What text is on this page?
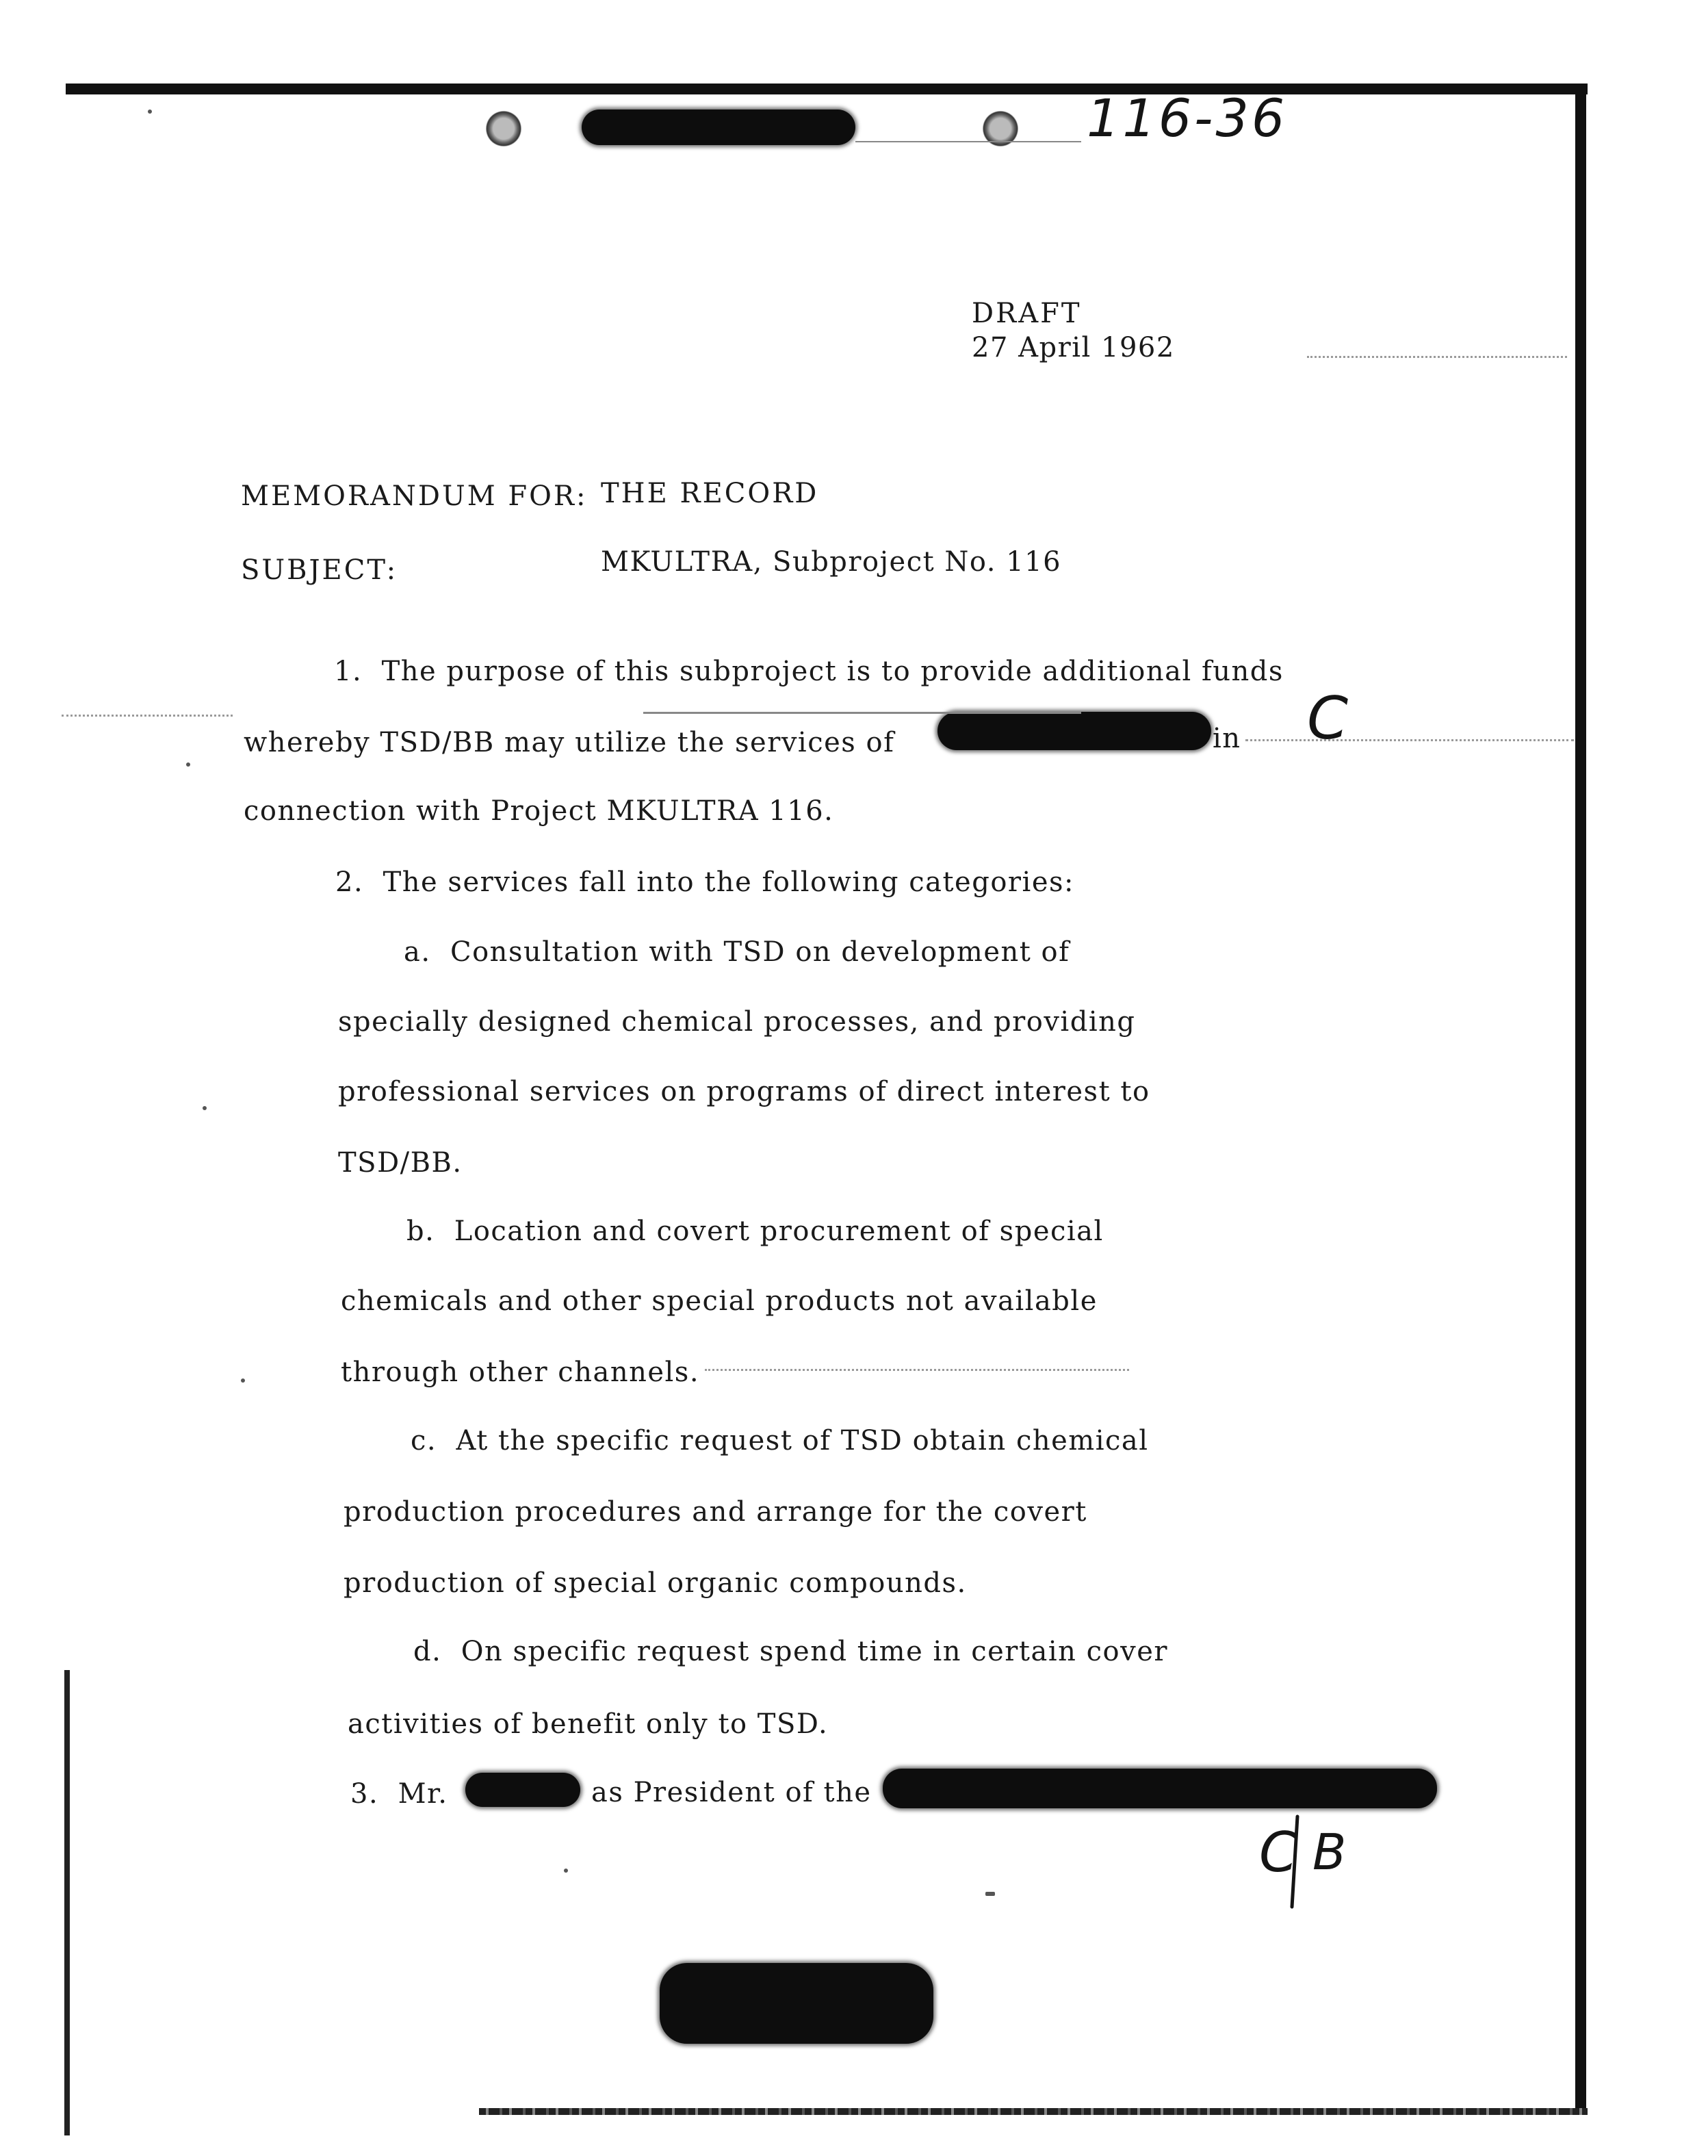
116-36
DRAFT
27 April 1962
MEMORANDUM FOR: THE RECORD
SUBJECT:	MKULTRA, Subproject No. 116
1.  The purpose of this subproject is to provide additional funds
whereby TSD/BB may utilize the services of	in C
connection with Project MKULTRA 116.
2.  The services fall into the following categories:
a.  Consultation with TSD on development of
specially designed chemical processes, and providing
professional services on programs of direct interest to
TSD/BB.
b.  Location and covert procurement of special
chemicals and other special products not available
through other channels.
c.  At the specific request of TSD obtain chemical
production procedures and arrange for the covert
production of special organic compounds.
d.  On specific request spend time in certain cover
activities of benefit only to TSD.
3.  Mr.	as President of the
C B
